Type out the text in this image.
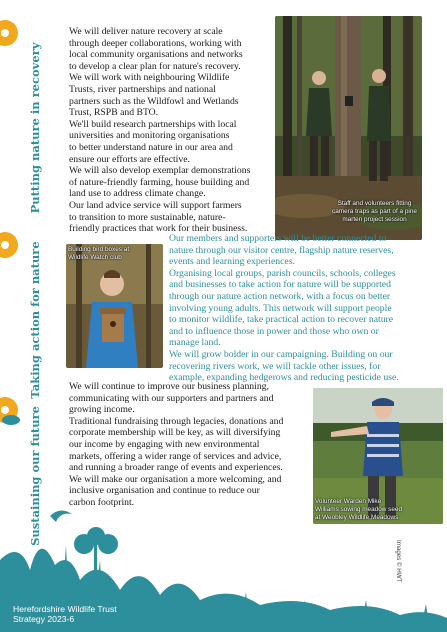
Putting nature in recovery

We will deliver nature recovery at scale

through deeper collaborations, working with

local community organisations and networks

to develop a clear plan for nature's recovery.

We will work with neighbouring Wildlife

Trusts, river partnerships and national

partners such as the Wildfowl and Wetlands

Trust, RSPB and BTO.

We'll build research partnerships with local

universities and monitoring organisations

to better understand nature in our area and

ensure our efforts are effective.

We will also develop exemplar demonstrations

of nature-friendly farming, house building and

land use to address climate change.

Our land advice service will support farmers

to transition to more sustainable, nature-

friendly practices that work for their business.

Staff and volunteers fitting
camera traps as part of a pine
marten project session
Taking action for nature	Building bird boxes at
Wildlife Watch club

Our members and supporters will be better connected to

nature through our visitor centre, flagship nature reserves,

events and learning experiences.

Organising local groups, parish councils, schools, colleges

and businesses to take action for nature will be supported

through our nature action network, with a focus on better

involving young adults. This network will support people

to monitor wildlife, take practical action to recover nature

and to influence those in power and those who own or

manage land.

We will grow bolder in our campaigning. Building on our

recovering rivers work, we will tackle other issues, for

example, expanding hedgerows and reducing pesticide use.

Sustaining our future

We will continue to improve our business planning,

communicating with our supporters and partners and

growing income.

Traditional fundraising through legacies, donations and

corporate membership will be key, as will diversifying

our income by engaging with new environmental

markets, offering a wider range of services and advice,

and running a broader range of events and experiences.

We will make our organisation a more welcoming, and

inclusive organisation and continue to reduce our

carbon footprint.	Volunteer Warden Mike
Williams sowing meadow seed
at Weobley Wildlife Meadows
Images © HWT
Herefordshire Wildlife Trust
Strategy 2023-6
